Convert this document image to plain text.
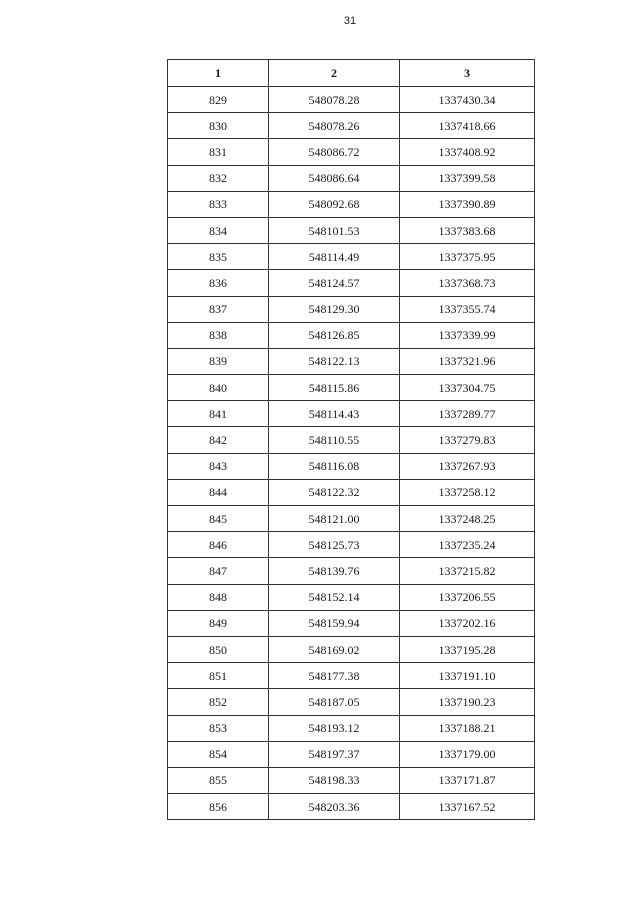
31
1	2	3
829	548078.28	1337430.34
830	548078.26	1337418.66
831	548086.72	1337408.92
832	548086.64	1337399.58
833	548092.68	1337390.89
834	548101.53	1337383.68
835	548114.49	1337375.95
836	548124.57	1337368.73
837	548129.30	1337355.74
838	548126.85	1337339.99
839	548122.13	1337321.96
840	548115.86	1337304.75
841	548114.43	1337289.77
842	548110.55	1337279.83
843	548116.08	1337267.93
844	548122.32	1337258.12
845	548121.00	1337248.25
846	548125.73	1337235.24
847	548139.76	1337215.82
848	548152.14	1337206.55
849	548159.94	1337202.16
850	548169.02	1337195.28
851	548177.38	1337191.10
852	548187.05	1337190.23
853	548193.12	1337188.21
854	548197.37	1337179.00
855	548198.33	1337171.87
856	548203.36	1337167.52
